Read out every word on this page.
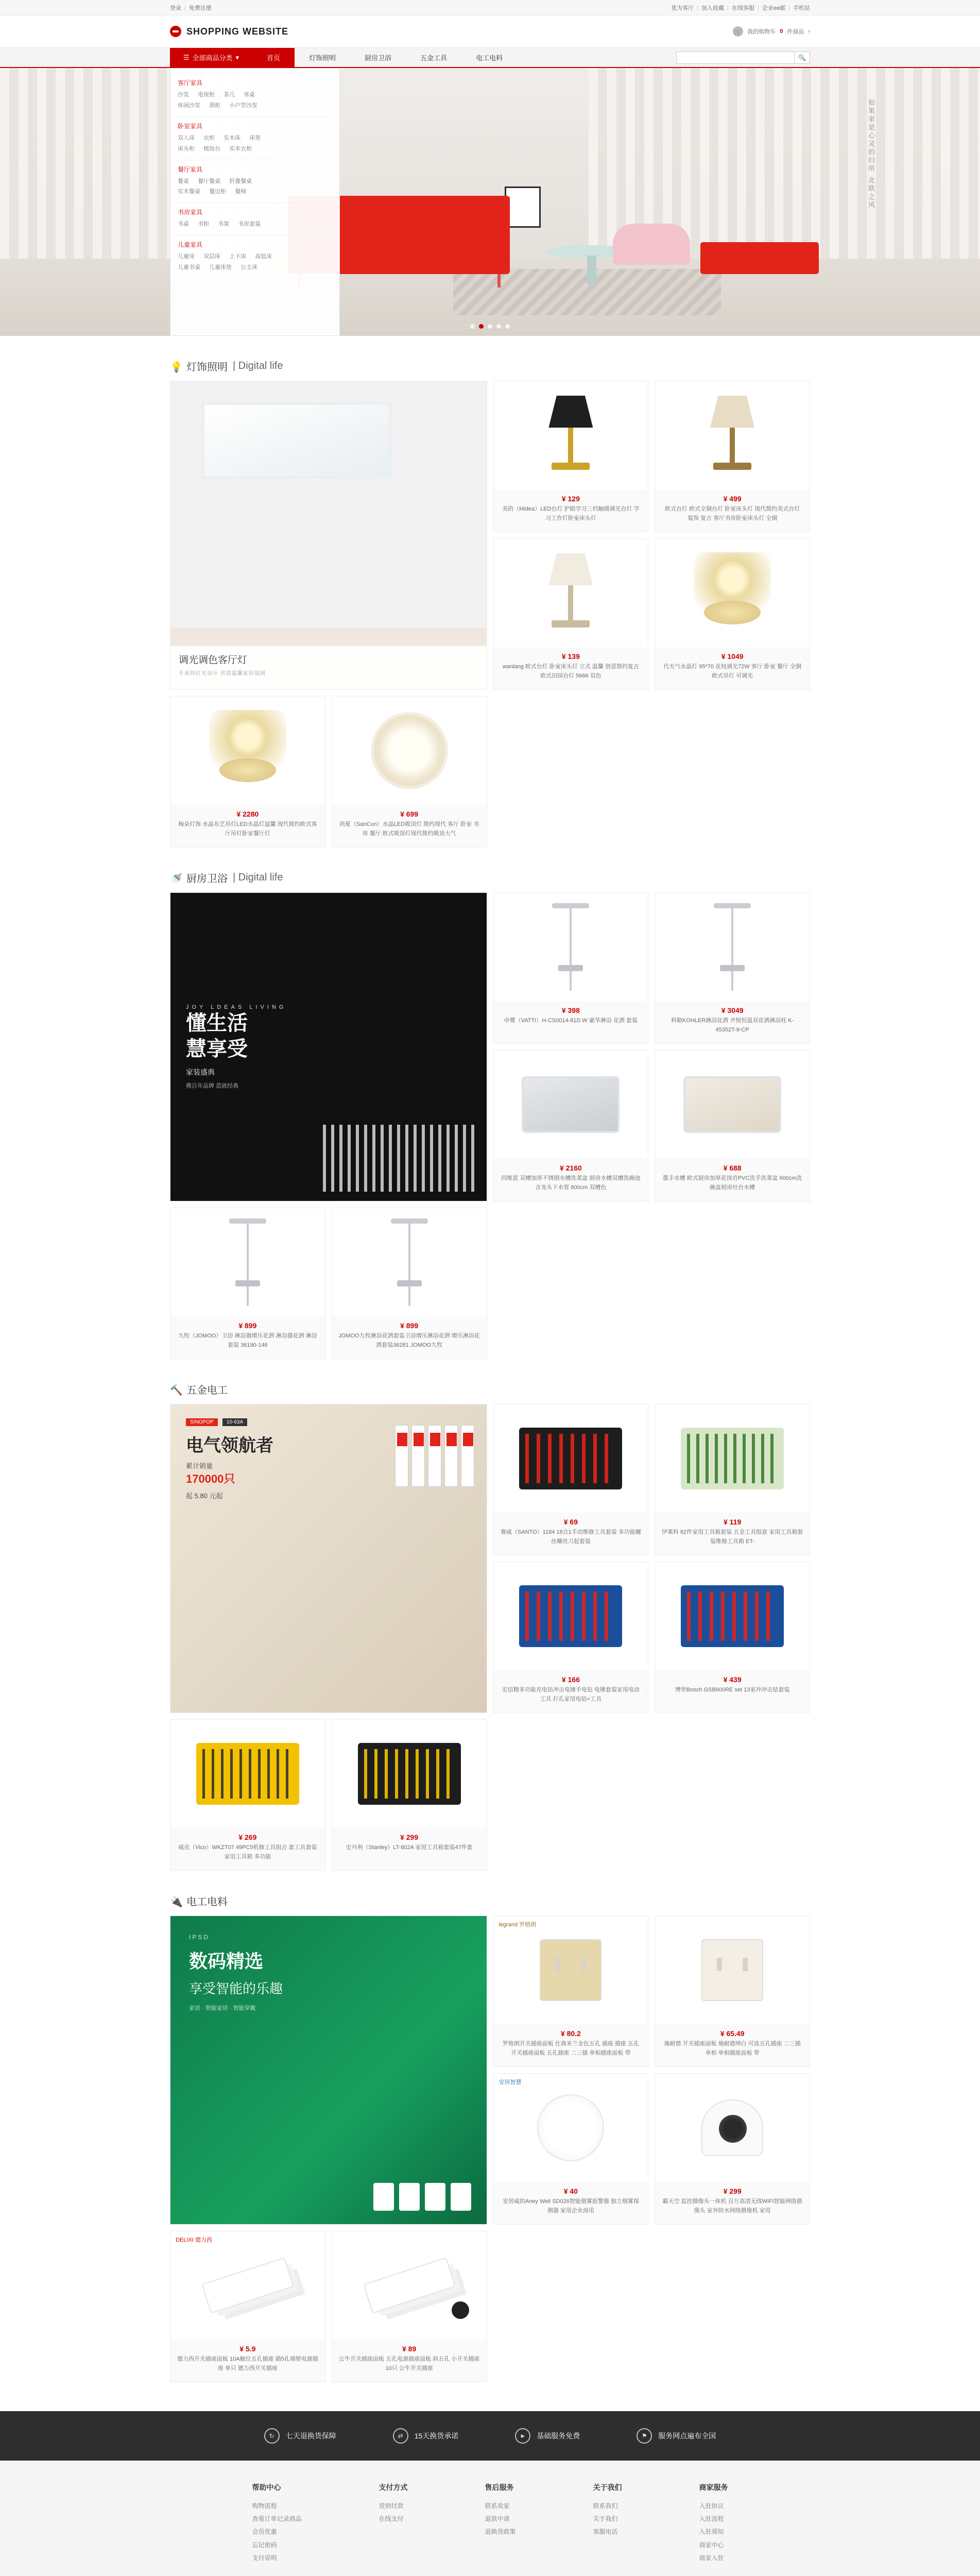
登录 | 免费注册	优为客厅 | 加入收藏 | 在线客服 | 企业ее邮 | 手机站
SHOPPING WEBSITE	🛒 我的购物车 0 件商品 ›
☰ 全部商品分类 ▾	首页	灯饰照明	厨房卫浴	五金工具	电工电料	🔍
如果家是心灵的归所 北欧之风
客厅家具
沙发 电视柜 茶几 客桌
休闲沙发 酒柜 小户型沙发
卧室家具
双人床 衣柜 实木床 床垫
床头柜 梳妆台 实木衣柜
餐厅家具
餐桌 餐厅餐桌 折叠餐桌
实木餐桌 餐边柜 餐椅
书房家具
书桌 书柜 书架 书房套装
儿童家具
儿童床 双层床 上下床 高低床
儿童书桌 儿童床垫 公主床
💡 灯饰照明 | Digital life
调光调色客厅灯
专业的灯光设计 营造温馨家居氛围
¥ 129
美的（Midea）LED台灯 护眼学习三档触摸调光台灯 学习工作灯卧室床头灯
¥ 499
欧式台灯 欧式全铜台灯 卧室床头灯 现代简约美式台灯 装饰 复古 客厅书房卧室床头灯 全铜
¥ 139
wanlang 欧式台灯 卧室床头灯 立式 温馨 创意简约复古欧式田园台灯 5666 双色
¥ 1049
代夫气水晶灯 95*70 花枝调光72W 客厅 卧室 餐厅 全铜欧式吊灯 可调光
¥ 2280
梅朵灯饰 水晶布艺吊灯LED水晶灯温馨 现代简约欧式客厅吊灯卧室餐厅灯
¥ 699
尚夏（SanCun）水晶LED吸顶灯 简约现代 客厅 卧室 书房 餐厅 欧式吸顶灯现代简约吸顶大气
🚿 厨房卫浴 | Digital life
JOY LDEAS LIVING
懂生活
慧享受
家装盛典
携百年品牌 造就经典
¥ 398
申鹭（VATTI）H-CS0014-81D.W 豪华淋浴 花洒 套装
¥ 3049
科勒KOHLER淋浴花洒 齐悦恒温双花洒淋浴柱 K-45352T-9-CP
¥ 2160
四维蓝 双槽加厚不锈钢水槽洗菜盆 厨房水槽双槽洗碗池 含龙头下水管 800cm 双槽色
¥ 688
墨丰水槽 欧式厨房加厚花岗岩PVC洗手洗菜盆 600cm洗碗盆厨房灶台水槽
¥ 899
九牧（JOMOO）卫浴 淋浴器增压花洒 淋浴器花洒 淋浴套装 36190-146
¥ 899
JOMOO九牧淋浴花洒套装卫浴增压淋浴花洒 增压淋浴花洒套装36281 JOMOO九牧
🔨 五金电工
SINOPOP	10-63A
电气领航者
累计销量
170000只
起 5.80 元起
¥ 69
赛威（SANTO）1184 18合1手动维修工具套装 多功能螺丝螺丝刀起套装
¥ 119
伊莱科 82件家用工具箱套装 五金工具组套 家用工具箱套装维修工具箱 ET-
¥ 166
宏信精多功能充电钻冲击电锤手电钻 电锤套装家用电动工具 打孔家用电钻+工具
¥ 439
博世Bosch GSB600RE set 13室冲冲击钻套装
¥ 269
威克（Vico）WKZT07 49PC5机修工具组合 套工具套装 家用工具箱 多功能
¥ 299
史丹利（Stanley）LT-802A 家用工具箱套装47件套
🔌 电工电料
IPSD
数码精选
享受智能的乐趣
家居 · 智能家居 · 智能穿戴
legrand 罗格朗
¥ 80.2
罗格朗开关插座面板 仕典米兰金色五孔 插座 插座 五孔 开关插座面板 五孔插座 二三插 单相插座面板 带
¥ 65.49
施耐德 开关插座面板 施耐德绅白 可选五孔插座 二三插 单相 单相插座面板 带
安居智慧
¥ 40
安居威的Aney Weli SD026智能烟雾报警器 独立烟雾探测器 家用企业商用
¥ 299
霸天空 监控摄像头一体机 百万高清无线WIFI智能网络摄像头 室外防水网络摄像机 家用
DELIXI 德力西
¥ 5.9
德力西开关插座面板 10A触位五孔插座 插5孔墙壁电源插座 单只 德力西开关插座
¥ 89
公牛开关插座面板 五孔电源插座面板 斜五孔 小开关插座 10只 公牛开关插座
↻	七天退换货保障	⇄	15天换货承诺	►	基础服务免费	⚑	服务网点遍布全国
帮助中心
购物流程
查看订单记录商品
会员优惠
忘记密码
支付说明
支付方式
货到付款
在线支付
售后服务
联系卖家
退款中请
退换货政策
关于我们
联系我们
关于我们
客服电话
商家服务
入驻协议
入驻流程
入驻须知
商家中心
商家入驻
